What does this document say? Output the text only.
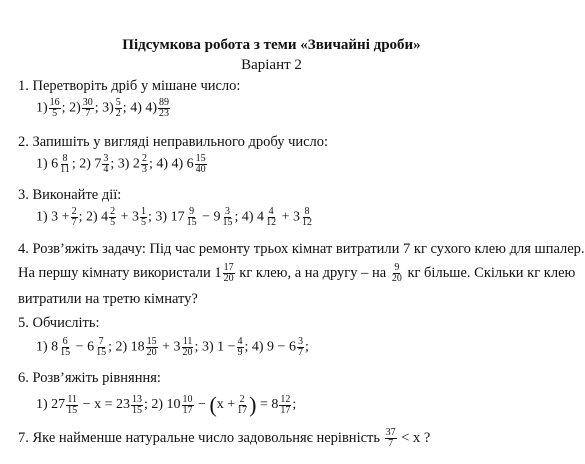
Підсумкова робота з теми «Звичайні дроби»
Варіант 2
1. Перетворіть дріб у мішане число:
$1) \frac{16}{5}$ ; $2) \frac{30}{7}$ ; $3) \frac{5}{2}$ ; 4) $4) \frac{89}{23}$
2. Запишіть у вигляді неправильного дробу число:
1) $6 \frac{8}{11}$ ; 2) $7 \frac{3}{4}$ ; 3) $2 \frac{2}{3}$ ; 4) 4) $6 \frac{15}{40}$
3. Виконайте дії:
1) $3 + \frac{2}{7}$ ; 2) $4 \frac{2}{5} + 3 \frac{1}{5}$ ; 3) $17 \frac{9}{15} - 9 \frac{3}{15}$ ; 4) $4 \frac{4}{12} + 3 \frac{8}{12}$
4. Розв’яжіть задачу: Під час ремонту трьох кімнат витратили 7 кг сухого клею для шпалер.
На першу кімнату використали $1 \frac{17}{20}$ кг клею, а на другу – на $\frac{9}{20}$ кг більше. Скільки кг клею
витратили на третю кімнату?
5. Обчисліть:
1) $8 \frac{6}{15} - 6 \frac{7}{15}$ ; 2) $18 \frac{15}{20} + 3 \frac{11}{20}$ ; 3) $1 - \frac{4}{9}$ ; 4) $9 - 6 \frac{3}{7}$ ;
6. Розв’яжіть рівняння:
1) $27 \frac{11}{15} - x = 23 \frac{13}{15}$ ; 2) $10 \frac{10}{17} - (x + \frac{2}{17}$ ) = $8 \frac{12}{17}$ ;
7. Яке найменше натуральне число задовольняє нерівність $\frac{37}{7} < x$ ?
